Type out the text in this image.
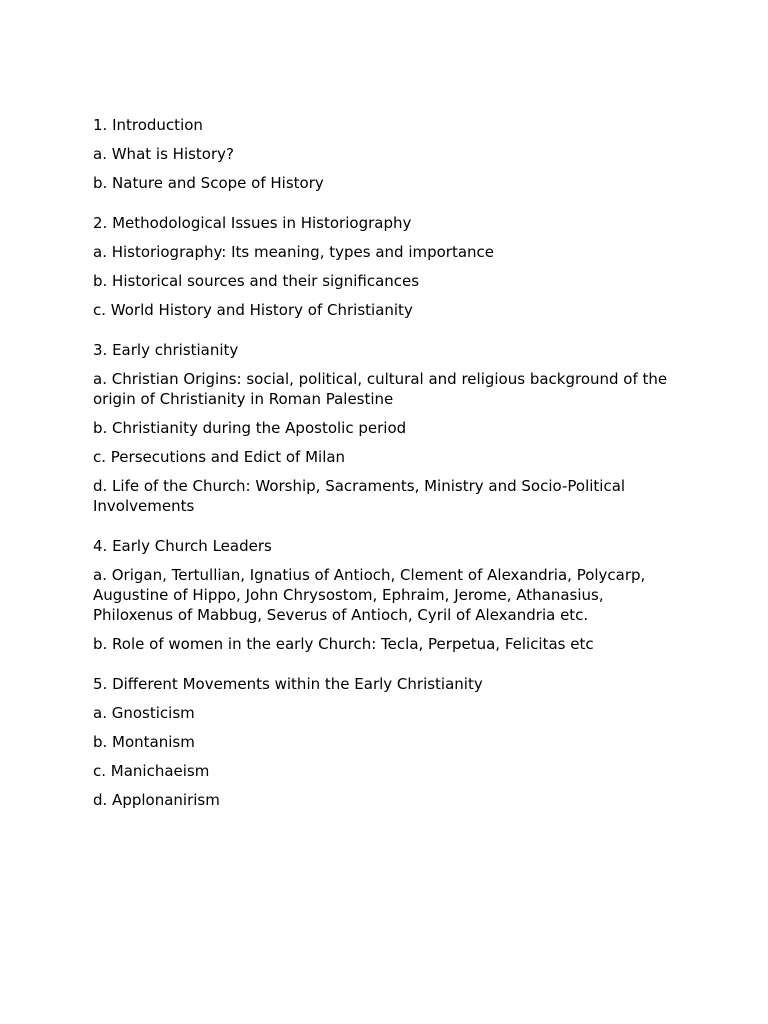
1. Introduction
a. What is History?
b. Nature and Scope of History
2. Methodological Issues in Historiography
a. Historiography: Its meaning, types and importance
b. Historical sources and their significances
c. World History and History of Christianity
3. Early christianity
a. Christian Origins: social, political, cultural and religious background of the origin of Christianity in Roman Palestine
b. Christianity during the Apostolic period
c. Persecutions and Edict of Milan
d. Life of the Church: Worship, Sacraments, Ministry and Socio-Political Involvements
4. Early Church Leaders
a. Origan, Tertullian, Ignatius of Antioch, Clement of Alexandria, Polycarp, Augustine of Hippo, John Chrysostom, Ephraim, Jerome, Athanasius, Philoxenus of Mabbug, Severus of Antioch, Cyril of Alexandria etc.
b. Role of women in the early Church: Tecla, Perpetua, Felicitas etc
5. Different Movements within the Early Christianity
a. Gnosticism
b. Montanism
c. Manichaeism
d. Applonanirism
